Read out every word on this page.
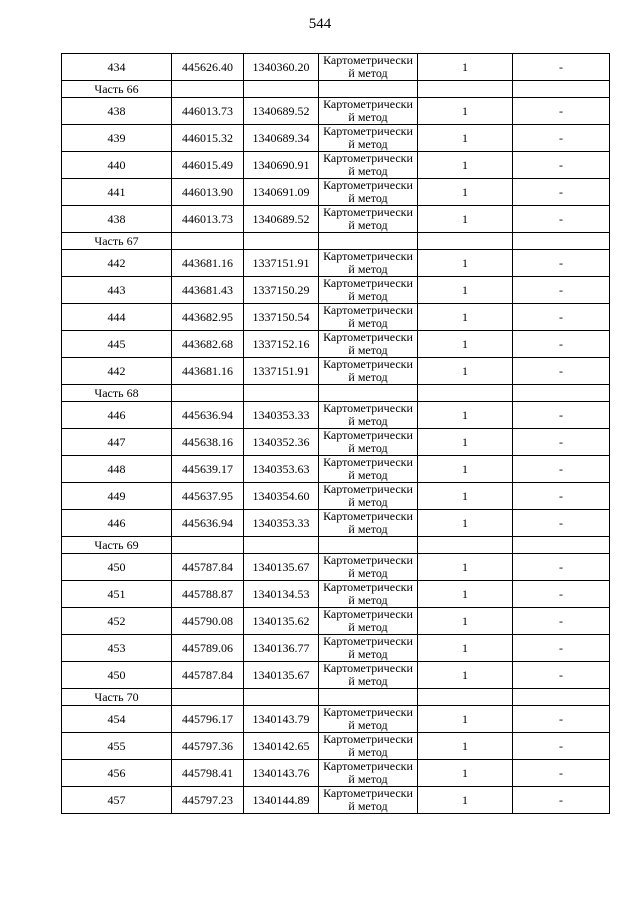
544
434	445626.40	1340360.20	Картометрически й метод	1	-
Часть 66					
438	446013.73	1340689.52	Картометрически й метод	1	-
439	446015.32	1340689.34	Картометрически й метод	1	-
440	446015.49	1340690.91	Картометрически й метод	1	-
441	446013.90	1340691.09	Картометрически й метод	1	-
438	446013.73	1340689.52	Картометрически й метод	1	-
Часть 67					
442	443681.16	1337151.91	Картометрически й метод	1	-
443	443681.43	1337150.29	Картометрически й метод	1	-
444	443682.95	1337150.54	Картометрически й метод	1	-
445	443682.68	1337152.16	Картометрически й метод	1	-
442	443681.16	1337151.91	Картометрически й метод	1	-
Часть 68					
446	445636.94	1340353.33	Картометрически й метод	1	-
447	445638.16	1340352.36	Картометрически й метод	1	-
448	445639.17	1340353.63	Картометрически й метод	1	-
449	445637.95	1340354.60	Картометрически й метод	1	-
446	445636.94	1340353.33	Картометрически й метод	1	-
Часть 69					
450	445787.84	1340135.67	Картометрически й метод	1	-
451	445788.87	1340134.53	Картометрически й метод	1	-
452	445790.08	1340135.62	Картометрически й метод	1	-
453	445789.06	1340136.77	Картометрически й метод	1	-
450	445787.84	1340135.67	Картометрически й метод	1	-
Часть 70					
454	445796.17	1340143.79	Картометрически й метод	1	-
455	445797.36	1340142.65	Картометрически й метод	1	-
456	445798.41	1340143.76	Картометрически й метод	1	-
457	445797.23	1340144.89	Картометрически й метод	1	-
